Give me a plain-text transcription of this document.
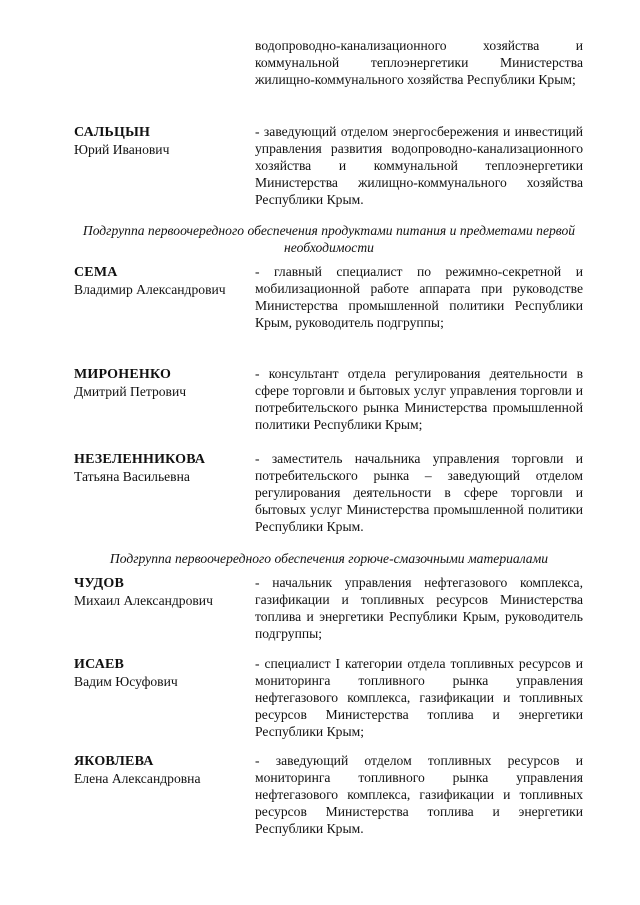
водопроводно-канализационного хозяйства и коммунальной теплоэнергетики Министерства жилищно-коммунального хозяйства Республики Крым;
САЛЬЦЫН
Юрий Иванович
- заведующий отделом энергосбережения и инвестиций управления развития водопроводно-канализационного хозяйства и коммунальной теплоэнергетики Министерства жилищно-коммунального хозяйства Республики Крым.
Подгруппа первоочередного обеспечения продуктами питания и предметами первой необходимости
СЕМА
Владимир Александрович
- главный специалист по режимно-секретной и мобилизационной работе аппарата при руководстве Министерства промышленной политики Республики Крым, руководитель подгруппы;
МИРОНЕНКО
Дмитрий Петрович
- консультант отдела регулирования деятельности в сфере торговли и бытовых услуг управления торговли и потребительского рынка Министерства промышленной политики Республики Крым;
НЕЗЕЛЕННИКОВА
Татьяна Васильевна
- заместитель начальника управления торговли и потребительского рынка – заведующий отделом регулирования деятельности в сфере торговли и бытовых услуг Министерства промышленной политики Республики Крым.
Подгруппа первоочередного обеспечения горюче-смазочными материалами
ЧУДОВ
Михаил Александрович
- начальник управления нефтегазового комплекса, газификации и топливных ресурсов Министерства топлива и энергетики Республики Крым, руководитель подгруппы;
ИСАЕВ
Вадим Юсуфович
- специалист I категории отдела топливных ресурсов и мониторинга топливного рынка управления нефтегазового комплекса, газификации и топливных ресурсов Министерства топлива и энергетики Республики Крым;
ЯКОВЛЕВА
Елена Александровна
- заведующий отделом топливных ресурсов и мониторинга топливного рынка управления нефтегазового комплекса, газификации и топливных ресурсов Министерства топлива и энергетики Республики Крым.
